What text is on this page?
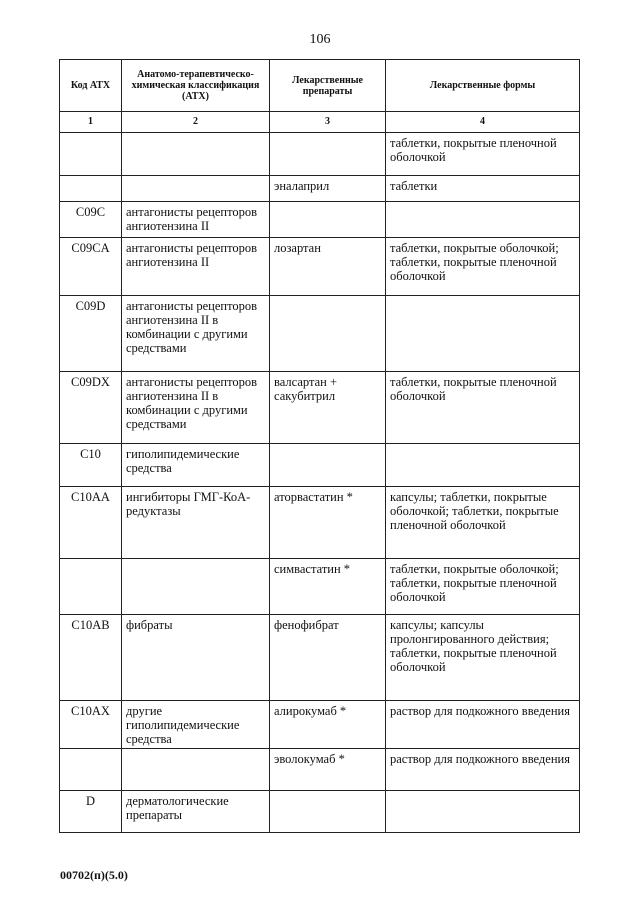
106
Код АТХ	Анатомо-терапевтическо-химическая классификация (АТХ)	Лекарственные препараты	Лекарственные формы
1	2	3	4
			таблетки, покрытые пленочной оболочкой
		эналаприл	таблетки
C09C	антагонисты рецепторов ангиотензина II		
C09CA	антагонисты рецепторов ангиотензина II	лозартан	таблетки, покрытые оболочкой; таблетки, покрытые пленочной оболочкой
C09D	антагонисты рецепторов ангиотензина II в комбинации с другими средствами		
C09DX	антагонисты рецепторов ангиотензина II в комбинации с другими средствами	валсартан + сакубитрил	таблетки, покрытые пленочной оболочкой
C10	гиполипидемические средства		
C10AA	ингибиторы ГМГ-КоА-редуктазы	аторвастатин *	капсулы; таблетки, покрытые оболочкой; таблетки, покрытые пленочной оболочкой
		симвастатин *	таблетки, покрытые оболочкой; таблетки, покрытые пленочной оболочкой
C10AB	фибраты	фенофибрат	капсулы; капсулы пролонгированного действия; таблетки, покрытые пленочной оболочкой
C10AX	другие гиполипидемические средства	алирокумаб *	раствор для подкожного введения
		эволокумаб *	раствор для подкожного введения
D	дерматологические препараты		
00702(п)(5.0)
